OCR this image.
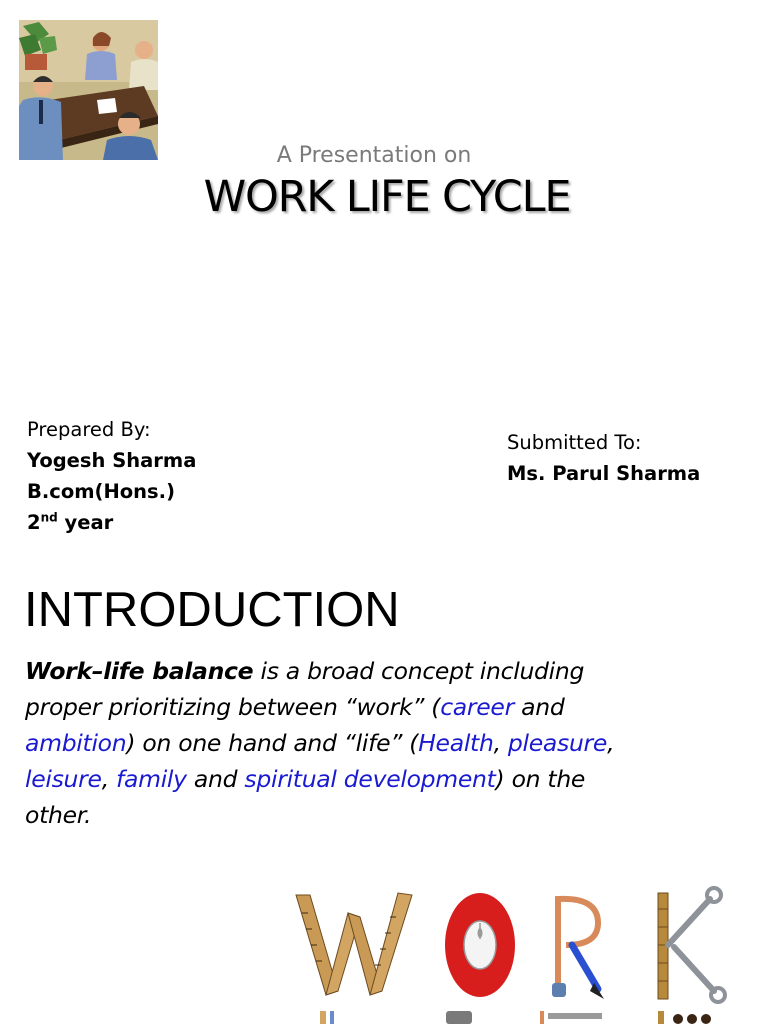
A Presentation on
WORK LIFE CYCLE
Prepared By:
Yogesh Sharma
B.com(Hons.)
2nd year
Submitted To:
Ms. Parul Sharma
INTRODUCTION
Work–life balance is a broad concept including proper prioritizing between “work” (career and ambition) on one hand and “life” (Health, pleasure, leisure, family and spiritual development) on the other.
